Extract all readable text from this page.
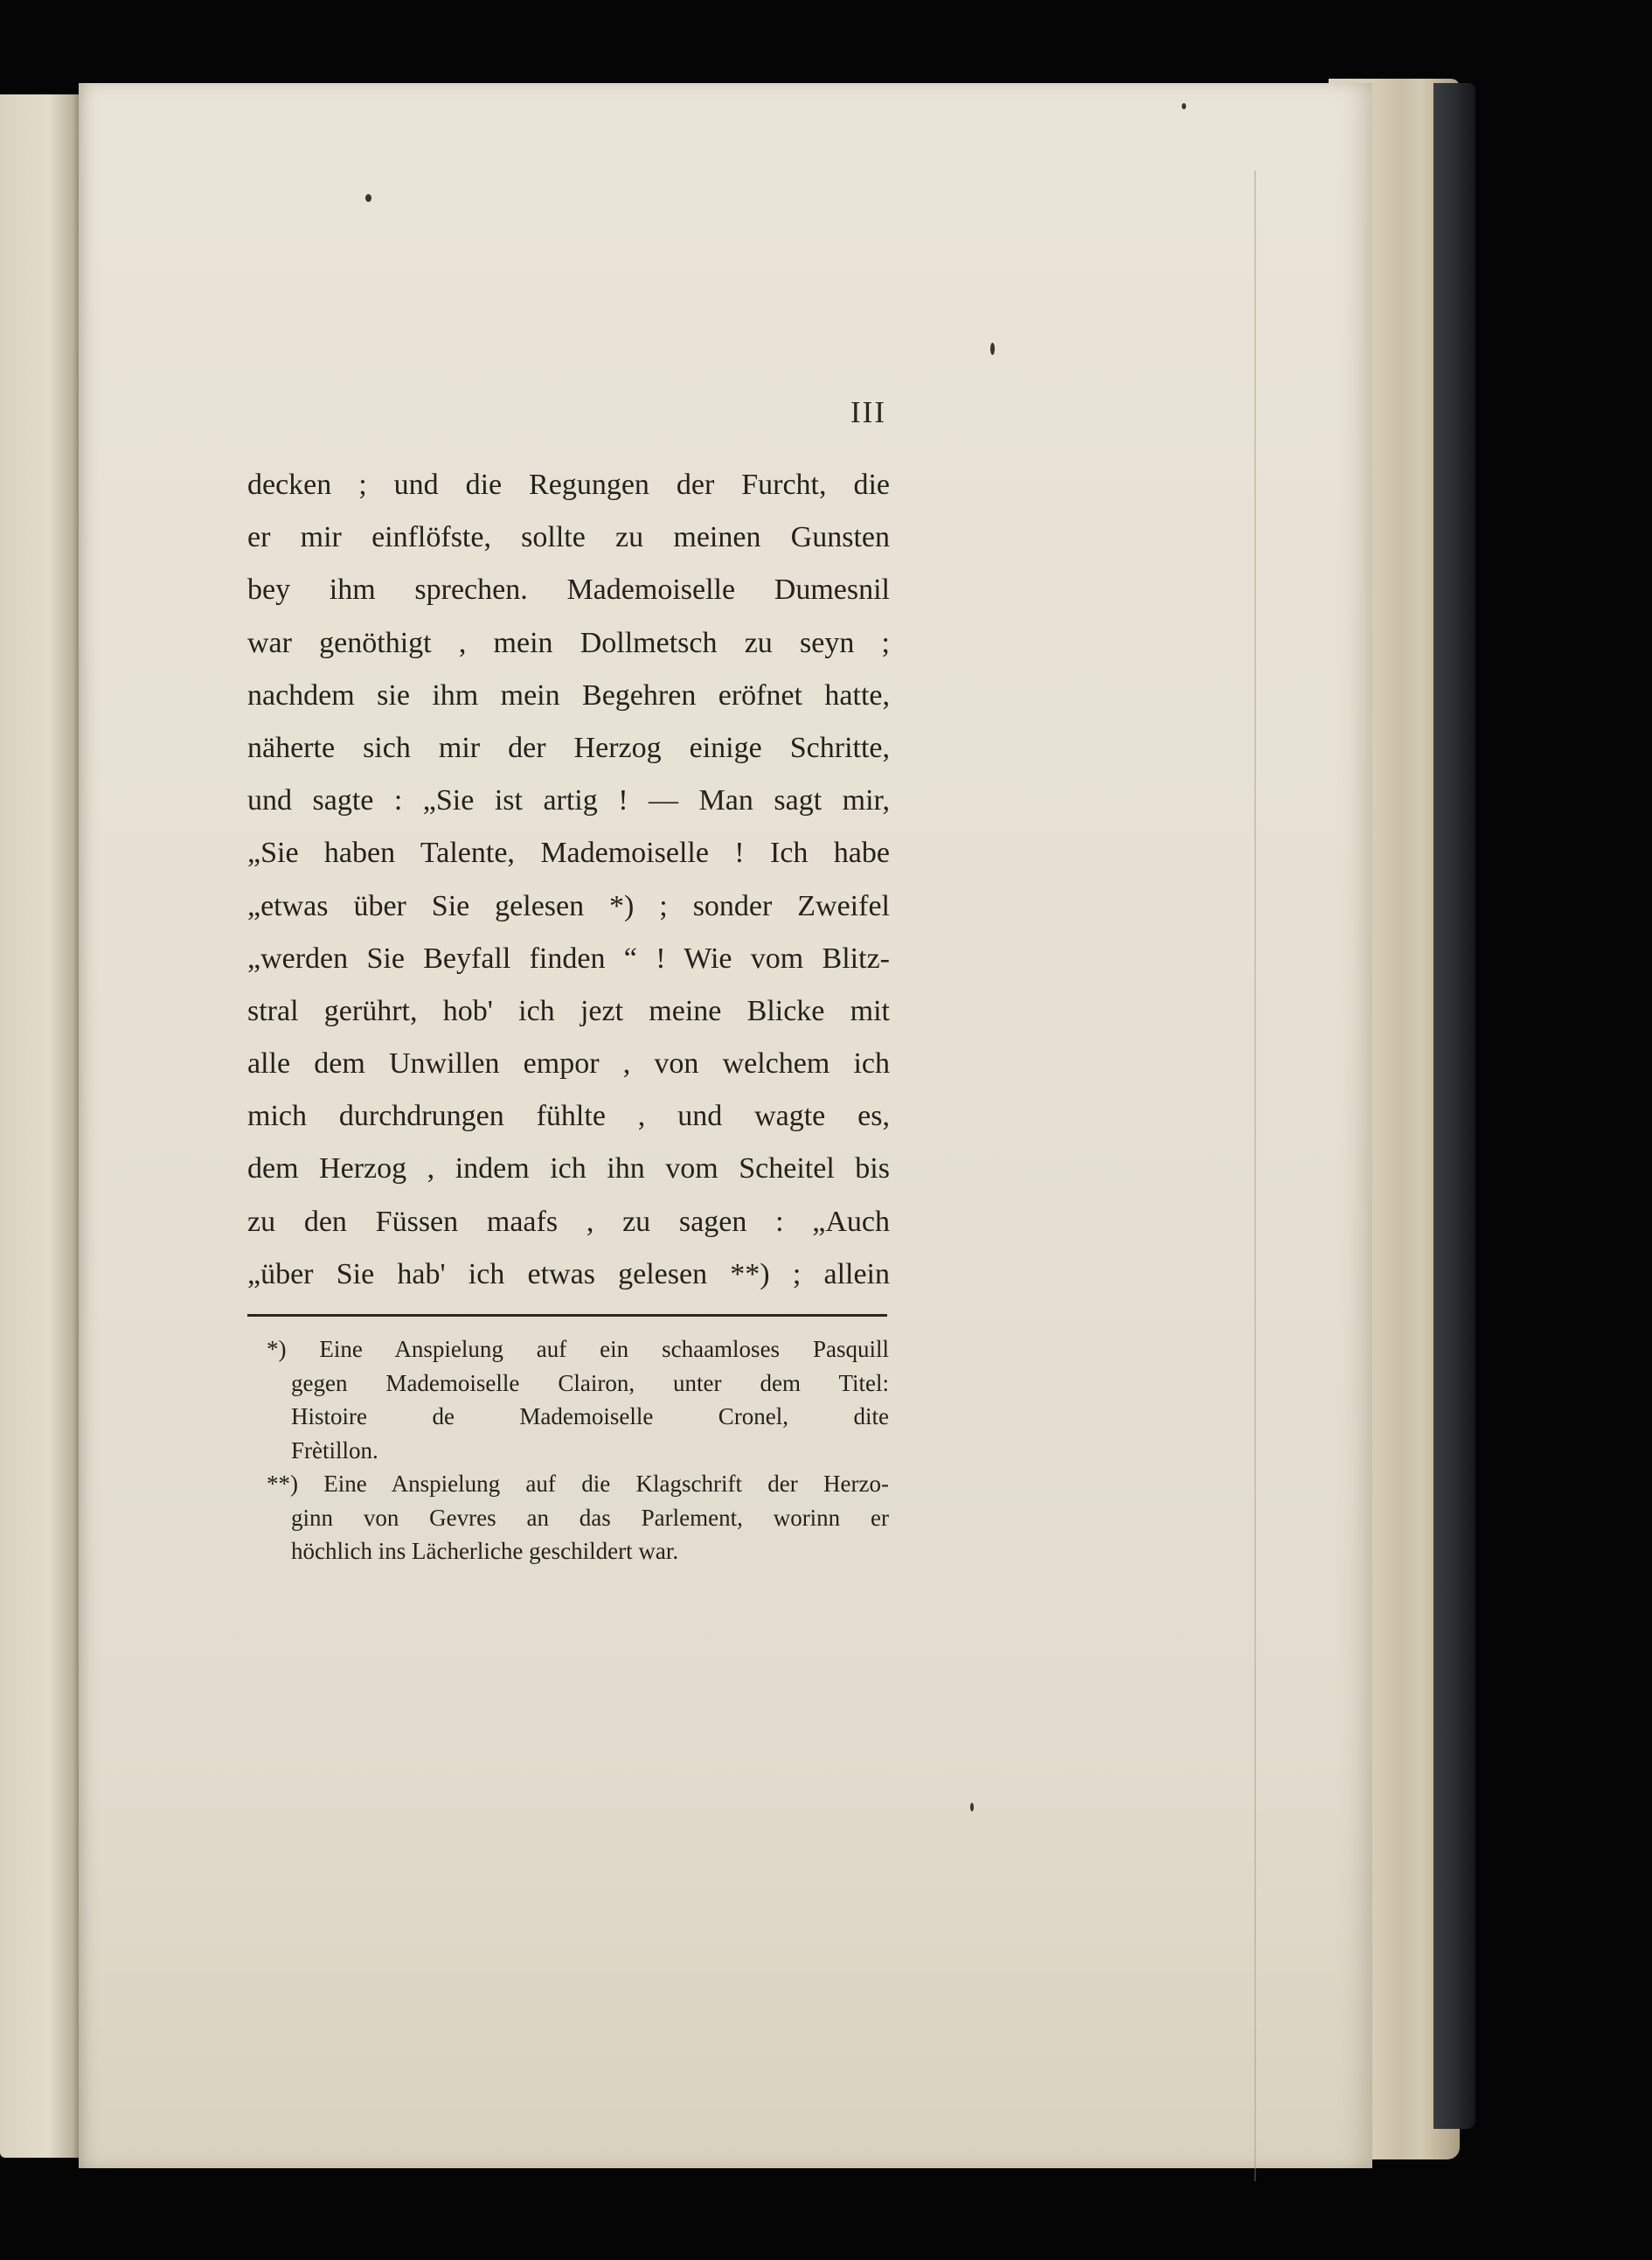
III
decken ; und die Regungen der Furcht, die
er mir einflöfste, sollte zu meinen Gunsten
bey ihm sprechen. Mademoiselle Dumesnil
war genöthigt , mein Dollmetsch zu seyn ;
nachdem sie ihm mein Begehren eröfnet hatte,
näherte sich mir der Herzog einige Schritte,
und sagte : „Sie ist artig ! — Man sagt mir,
„Sie haben Talente, Mademoiselle ! Ich habe
„etwas über Sie gelesen *) ; sonder Zweifel
„werden Sie Beyfall finden “ ! Wie vom Blitz-
stral gerührt, hob' ich jezt meine Blicke mit
alle dem Unwillen empor , von welchem ich
mich durchdrungen fühlte , und wagte es,
dem Herzog , indem ich ihn vom Scheitel bis
zu den Füssen maafs , zu sagen : „Auch
„über Sie hab' ich etwas gelesen **) ; allein
*) Eine Anspielung auf ein schaamloses Pasquill
gegen Mademoiselle Clairon, unter dem Titel:
Histoire de Mademoiselle Cronel, dite
Frètillon.
**) Eine Anspielung auf die Klagschrift der Herzo-
ginn von Gevres an das Parlement, worinn er
höchlich ins Lächerliche geschildert war.
